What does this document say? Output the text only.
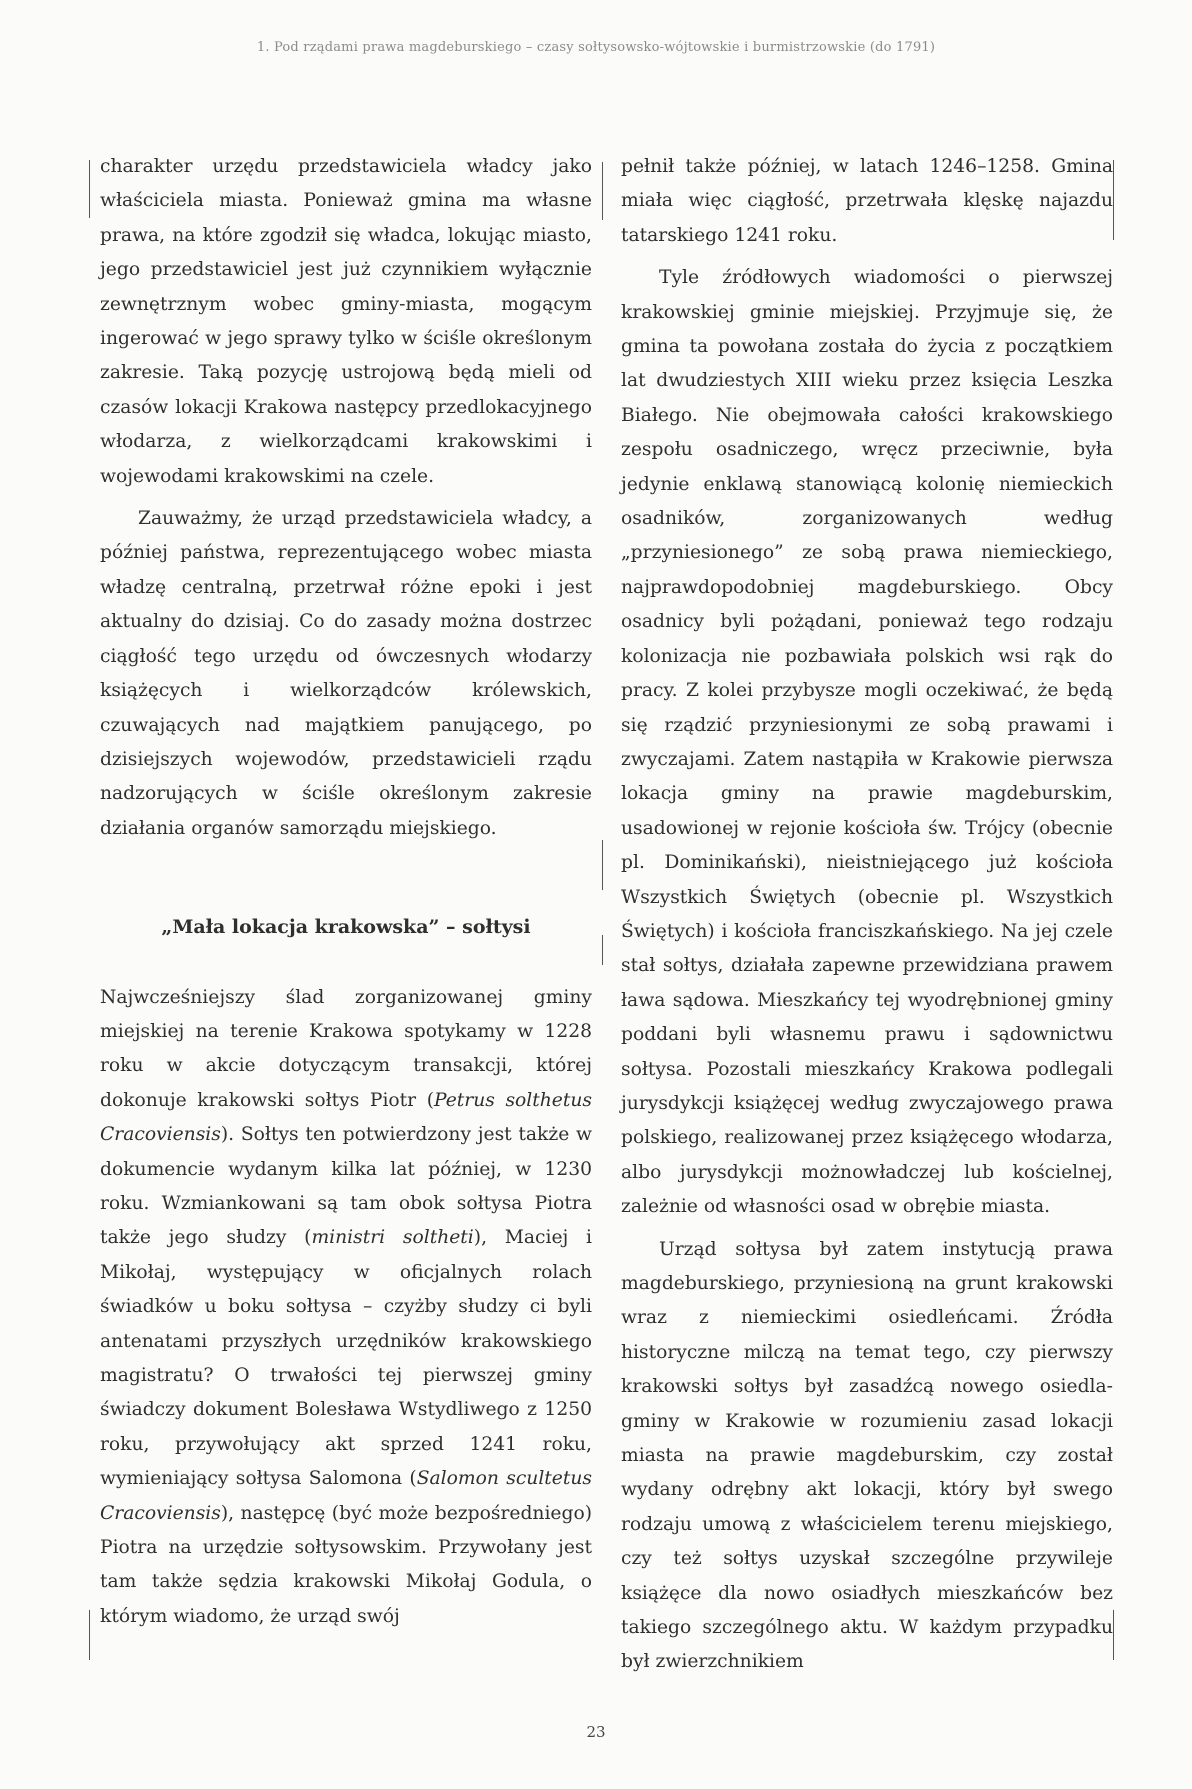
1. Pod rządami prawa magdeburskiego – czasy sołtysowsko-wójtowskie i burmistrzowskie (do 1791)

charakter urzędu przedstawiciela władcy jako właściciela miasta. Ponieważ gmina ma własne prawa, na które zgodził się władca, lokując miasto, jego przedstawiciel jest już czynnikiem wyłącznie zewnętrznym wobec gminy-miasta, mogącym ingerować w jego sprawy tylko w ściśle określonym zakresie. Taką pozycję ustrojową będą mieli od czasów lokacji Krakowa następcy przedlokacyjnego włodarza, z wielkorządcami krakowskimi i wojewodami krakowskimi na czele.

Zauważmy, że urząd przedstawiciela władcy, a później państwa, reprezentującego wobec miasta władzę centralną, przetrwał różne epoki i jest aktualny do dzisiaj. Co do zasady można dostrzec ciągłość tego urzędu od ówczesnych włodarzy książęcych i wielkorządców królewskich, czuwających nad majątkiem panującego, po dzisiejszych wojewodów, przedstawicieli rządu nadzorujących w ściśle określonym zakresie działania organów samorządu miejskiego.

„Mała lokacja krakowska” – sołtysi

Najwcześniejszy ślad zorganizowanej gminy miejskiej na terenie Krakowa spotykamy w 1228 roku w akcie dotyczącym transakcji, której dokonuje krakowski sołtys Piotr (Petrus solthetus Cracoviensis). Sołtys ten potwierdzony jest także w dokumencie wydanym kilka lat później, w 1230 roku. Wzmiankowani są tam obok sołtysa Piotra także jego słudzy (ministri soltheti), Maciej i Mikołaj, występujący w oficjalnych rolach świadków u boku sołtysa – czyżby słudzy ci byli antenatami przyszłych urzędników krakowskiego magistratu? O trwałości tej pierwszej gminy świadczy dokument Bolesława Wstydliwego z 1250 roku, przywołujący akt sprzed 1241 roku, wymieniający sołtysa Salomona (Salomon scultetus Cracoviensis), następcę (być może bezpośredniego) Piotra na urzędzie sołtysowskim. Przywołany jest tam także sędzia krakowski Mikołaj Godula, o którym wiadomo, że urząd swój

pełnił także później, w latach 1246–1258. Gmina miała więc ciągłość, przetrwała klęskę najazdu tatarskiego 1241 roku.

Tyle źródłowych wiadomości o pierwszej krakowskiej gminie miejskiej. Przyjmuje się, że gmina ta powołana została do życia z początkiem lat dwudziestych XIII wieku przez księcia Leszka Białego. Nie obejmowała całości krakowskiego zespołu osadniczego, wręcz przeciwnie, była jedynie enklawą stanowiącą kolonię niemieckich osadników, zorganizowanych według „przyniesionego” ze sobą prawa niemieckiego, najprawdopodobniej magdeburskiego. Obcy osadnicy byli pożądani, ponieważ tego rodzaju kolonizacja nie pozbawiała polskich wsi rąk do pracy. Z kolei przybysze mogli oczekiwać, że będą się rządzić przyniesionymi ze sobą prawami i zwyczajami. Zatem nastąpiła w Krakowie pierwsza lokacja gminy na prawie magdeburskim, usadowionej w rejonie kościoła św. Trójcy (obecnie pl. Dominikański), nieistniejącego już kościoła Wszystkich Świętych (obecnie pl. Wszystkich Świętych) i kościoła franciszkańskiego. Na jej czele stał sołtys, działała zapewne przewidziana prawem ława sądowa. Mieszkańcy tej wyodrębnionej gminy poddani byli własnemu prawu i sądownictwu sołtysa. Pozostali mieszkańcy Krakowa podlegali jurysdykcji książęcej według zwyczajowego prawa polskiego, realizowanej przez książęcego włodarza, albo jurysdykcji możnowładczej lub kościelnej, zależnie od własności osad w obrębie miasta.

Urząd sołtysa był zatem instytucją prawa magdeburskiego, przyniesioną na grunt krakowski wraz z niemieckimi osiedleńcami. Źródła historyczne milczą na temat tego, czy pierwszy krakowski sołtys był zasadźcą nowego osiedla-gminy w Krakowie w rozumieniu zasad lokacji miasta na prawie magdeburskim, czy został wydany odrębny akt lokacji, który był swego rodzaju umową z właścicielem terenu miejskiego, czy też sołtys uzyskał szczególne przywileje książęce dla nowo osiadłych mieszkańców bez takiego szczególnego aktu. W każdym przypadku był zwierzchnikiem

23
